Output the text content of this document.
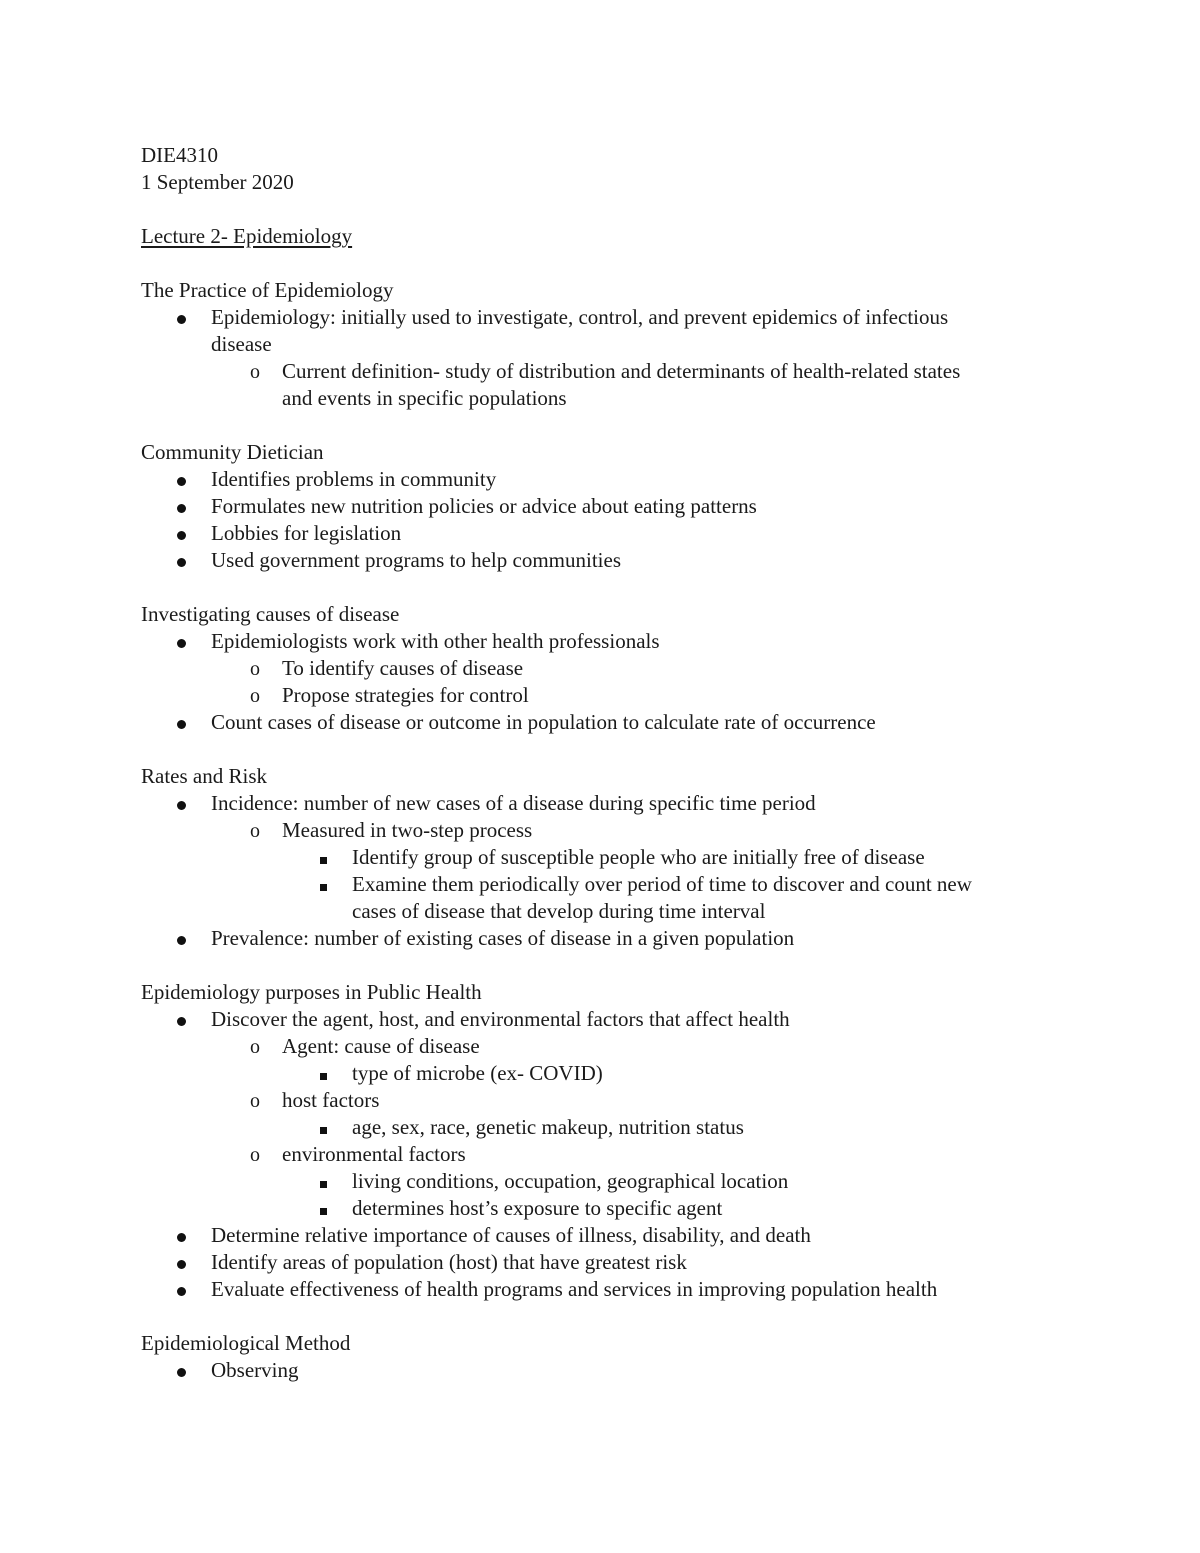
DIE4310
1 September 2020
Lecture 2- Epidemiology
The Practice of Epidemiology
Epidemiology: initially used to investigate, control, and prevent epidemics of infectious
disease
o Current definition- study of distribution and determinants of health-related states
and events in specific populations
Community Dietician
Identifies problems in community
Formulates new nutrition policies or advice about eating patterns
Lobbies for legislation
Used government programs to help communities
Investigating causes of disease
Epidemiologists work with other health professionals
o To identify causes of disease
o Propose strategies for control
Count cases of disease or outcome in population to calculate rate of occurrence
Rates and Risk
Incidence: number of new cases of a disease during specific time period
o Measured in two-step process
Identify group of susceptible people who are initially free of disease
Examine them periodically over period of time to discover and count new
cases of disease that develop during time interval
Prevalence: number of existing cases of disease in a given population
Epidemiology purposes in Public Health
Discover the agent, host, and environmental factors that affect health
o Agent: cause of disease
type of microbe (ex- COVID)
o host factors
age, sex, race, genetic makeup, nutrition status
o environmental factors
living conditions, occupation, geographical location
determines host’s exposure to specific agent
Determine relative importance of causes of illness, disability, and death
Identify areas of population (host) that have greatest risk
Evaluate effectiveness of health programs and services in improving population health
Epidemiological Method
Observing
